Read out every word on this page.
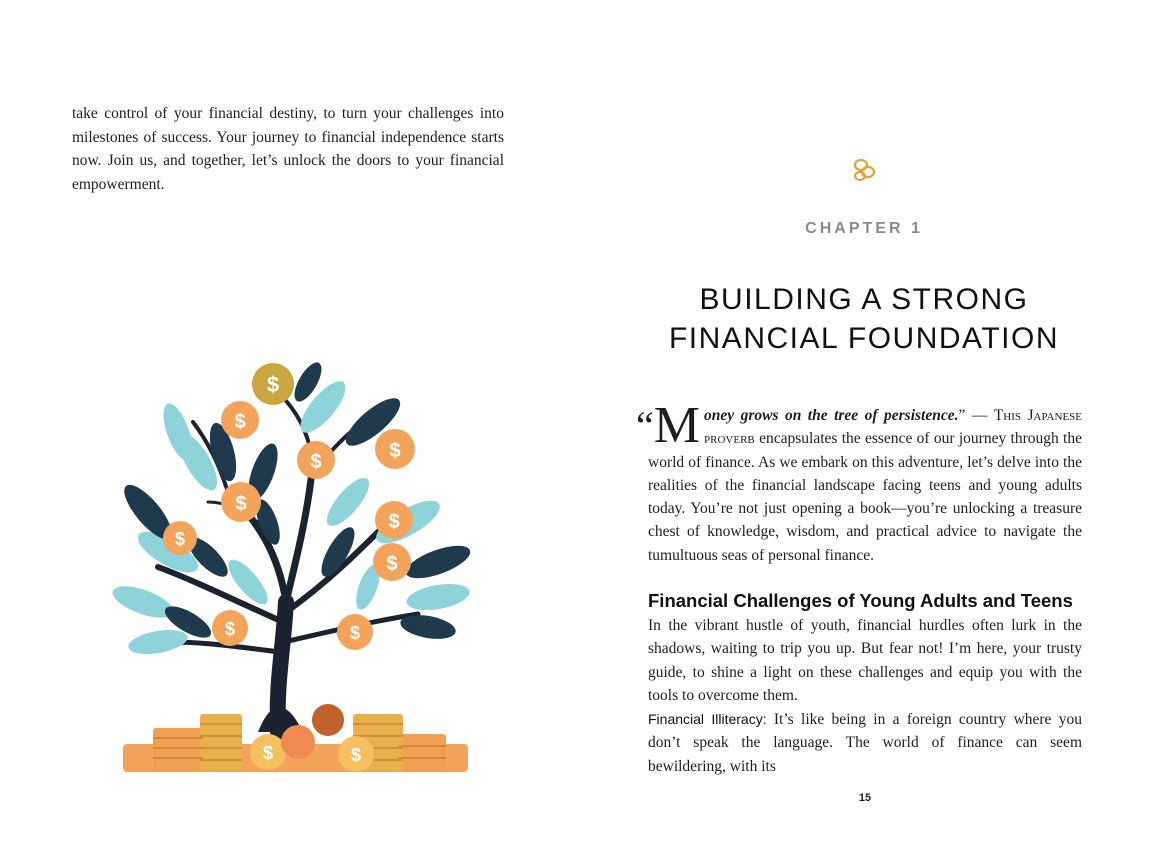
take control of your financial destiny, to turn your challenges into milestones of success. Your journey to financial independence starts now. Join us, and together, let’s unlock the doors to your financial empowerment.

$
$
$	$
$
$
$
$
$	$
$	$
CHAPTER 1
BUILDING A STRONG
FINANCIAL FOUNDATION

“M oney grows on the tree of persistence.” — This Japanese proverb encapsulates the essence of our journey through the world of finance. As we embark on this adventure, let’s delve into the realities of the financial landscape facing teens and young adults today. You’re not just opening a book—you’re unlocking a treasure chest of knowledge, wisdom, and practical advice to navigate the tumultuous seas of personal finance.

Financial Challenges of Young Adults and Teens

In the vibrant hustle of youth, financial hurdles often lurk in the shadows, waiting to trip you up. But fear not! I’m here, your trusty guide, to shine a light on these challenges and equip you with the tools to overcome them.

Financial Illiteracy: It’s like being in a foreign country where you don’t speak the language. The world of finance can seem bewildering, with its

15
